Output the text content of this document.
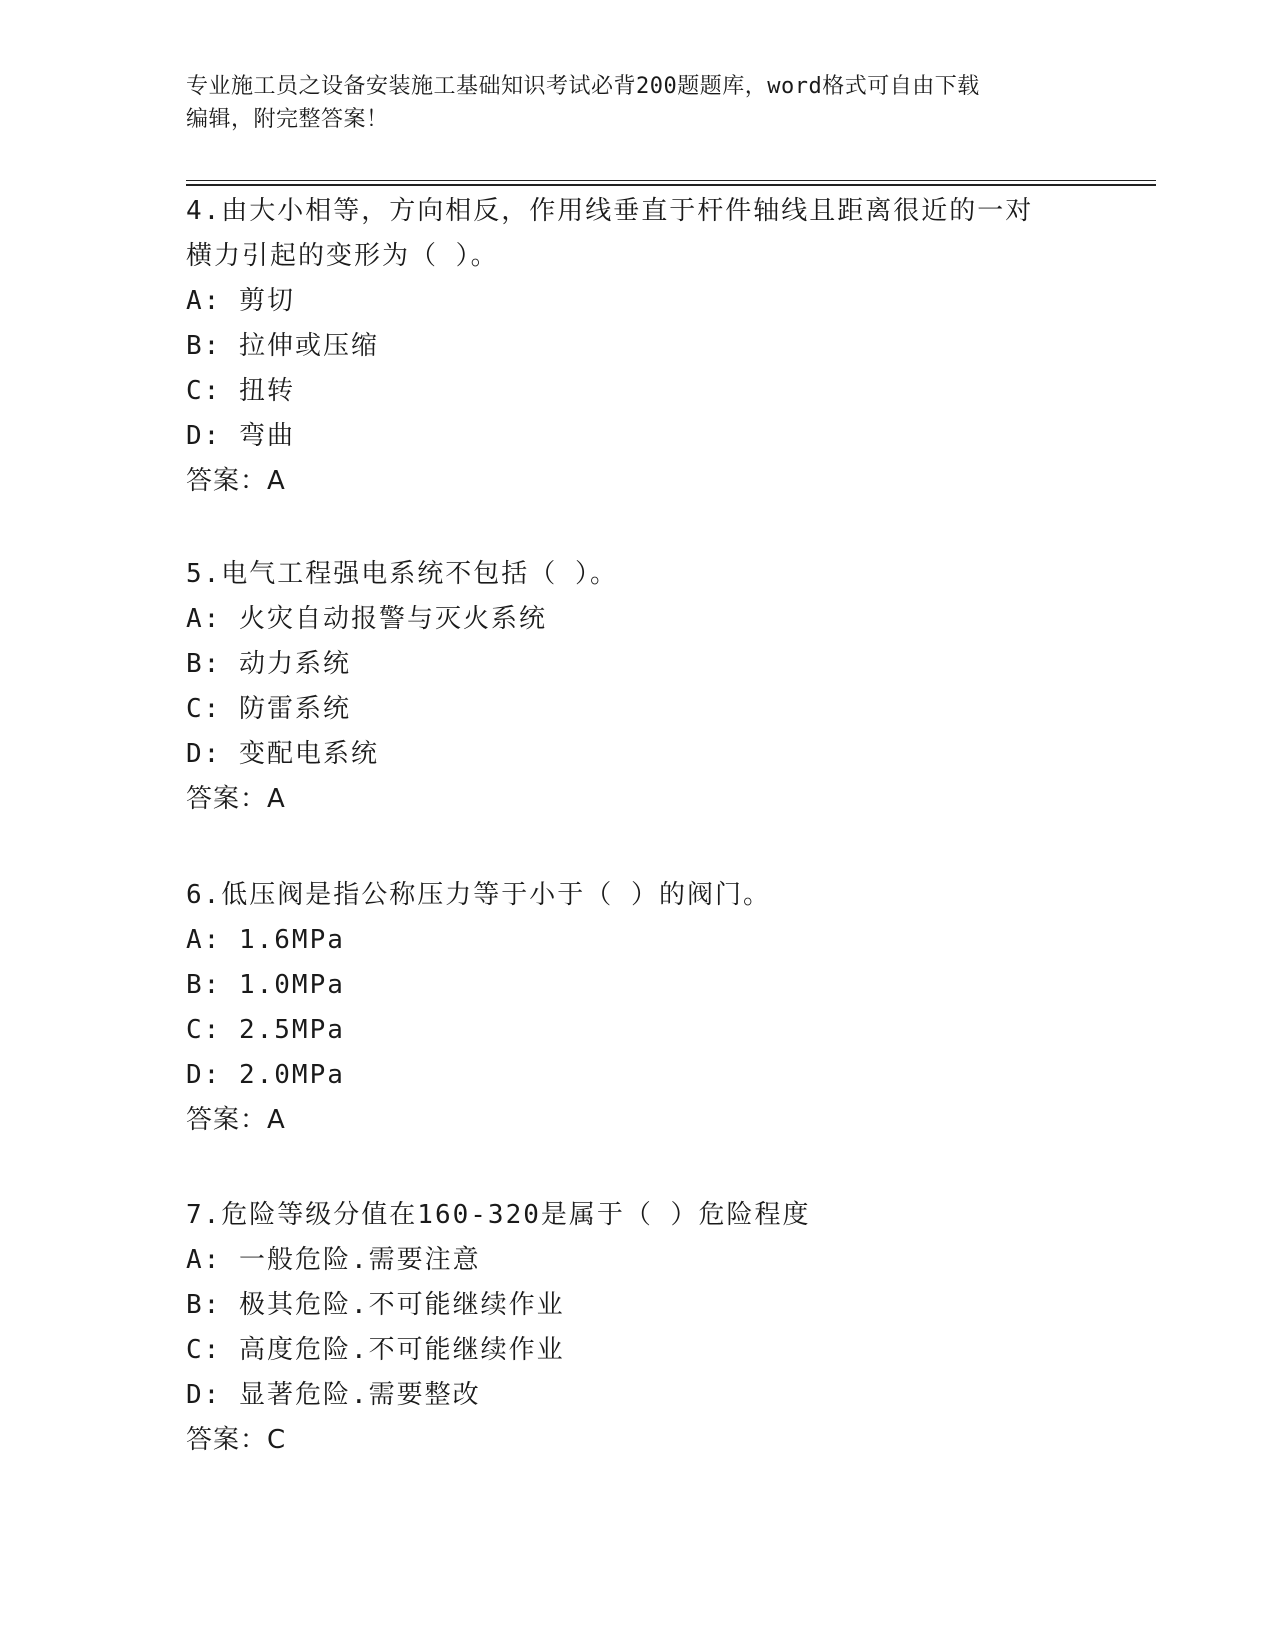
专业施工员之设备安装施工基础知识考试必背200题题库，word格式可自由下载
编辑，附完整答案！

4.由大小相等，方向相反，作用线垂直于杆件轴线且距离很近的一对

横力引起的变形为（ ）。

A: 剪切

B: 拉伸或压缩

C: 扭转

D: 弯曲

答案：A

5.电气工程强电系统不包括（ ）。

A: 火灾自动报警与灭火系统

B: 动力系统

C: 防雷系统

D: 变配电系统

答案：A

6.低压阀是指公称压力等于小于（ ）的阀门。

A: 1.6MPa

B: 1.0MPa

C: 2.5MPa

D: 2.0MPa

答案：A

7.危险等级分值在160-320是属于（ ）危险程度

A: 一般危险.需要注意

B: 极其危险.不可能继续作业

C: 高度危险.不可能继续作业

D: 显著危险.需要整改

答案：C
